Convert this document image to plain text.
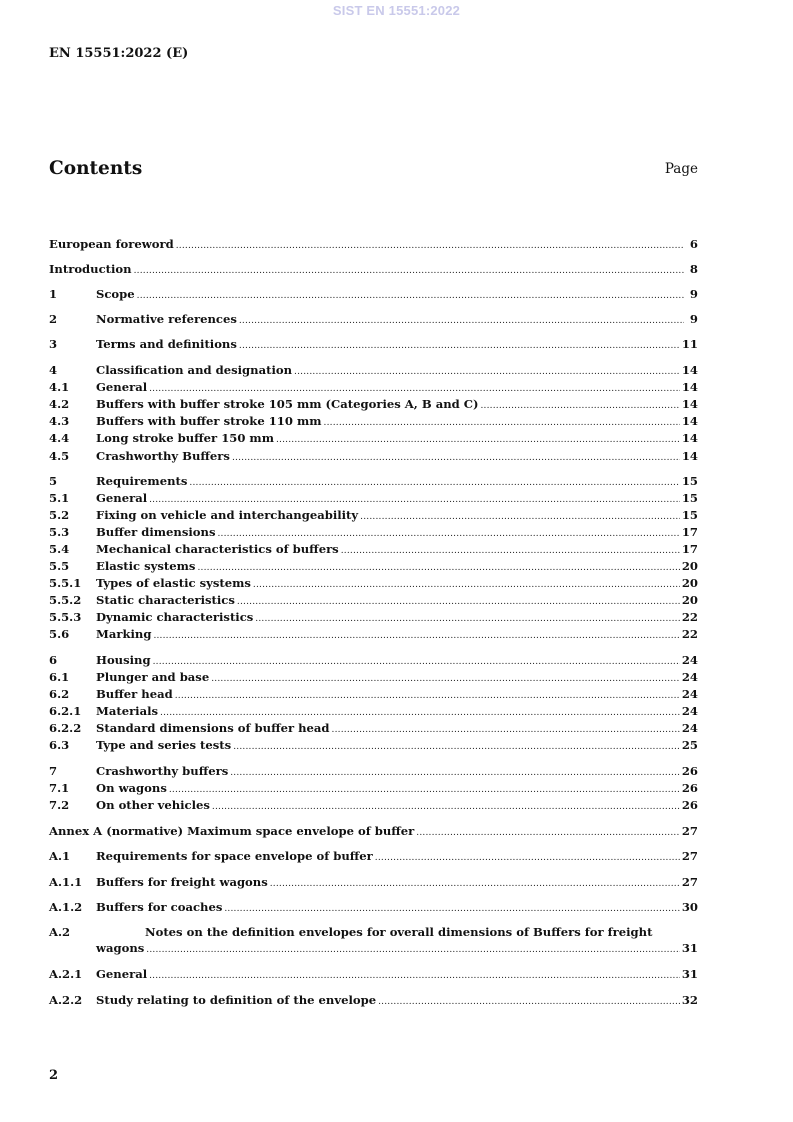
SIST EN 15551:2022
EN 15551:2022 (E)
Contents	Page
European foreword .....	6
Introduction .....	8
1	Scope .....	9
2	Normative references .....	9
3	Terms and definitions .....	11
4	Classification and designation .....	14
4.1	General .....	14
4.2	Buffers with buffer stroke 105 mm (Categories A, B and C) .....	14
4.3	Buffers with buffer stroke 110 mm .....	14
4.4	Long stroke buffer 150 mm .....	14
4.5	Crashworthy Buffers .....	14
5	Requirements .....	15
5.1	General .....	15
5.2	Fixing on vehicle and interchangeability .....	15
5.3	Buffer dimensions .....	17
5.4	Mechanical characteristics of buffers .....	17
5.5	Elastic systems .....	20
5.5.1	Types of elastic systems .....	20
5.5.2	Static characteristics .....	20
5.5.3	Dynamic characteristics .....	22
5.6	Marking .....	22
6	Housing .....	24
6.1	Plunger and base .....	24
6.2	Buffer head .....	24
6.2.1	Materials .....	24
6.2.2	Standard dimensions of buffer head .....	24
6.3	Type and series tests .....	25
7	Crashworthy buffers .....	26
7.1	On wagons .....	26
7.2	On other vehicles .....	26
Annex A (normative) Maximum space envelope of buffer .....	27
A.1	Requirements for space envelope of buffer .....	27
A.1.1	Buffers for freight wagons .....	27
A.1.2	Buffers for coaches .....	30
A.2	Notes on the definition envelopes for overall dimensions of Buffers for freight
wagons .....	31
A.2.1	General .....	31
A.2.2	Study relating to definition of the envelope .....	32
2
